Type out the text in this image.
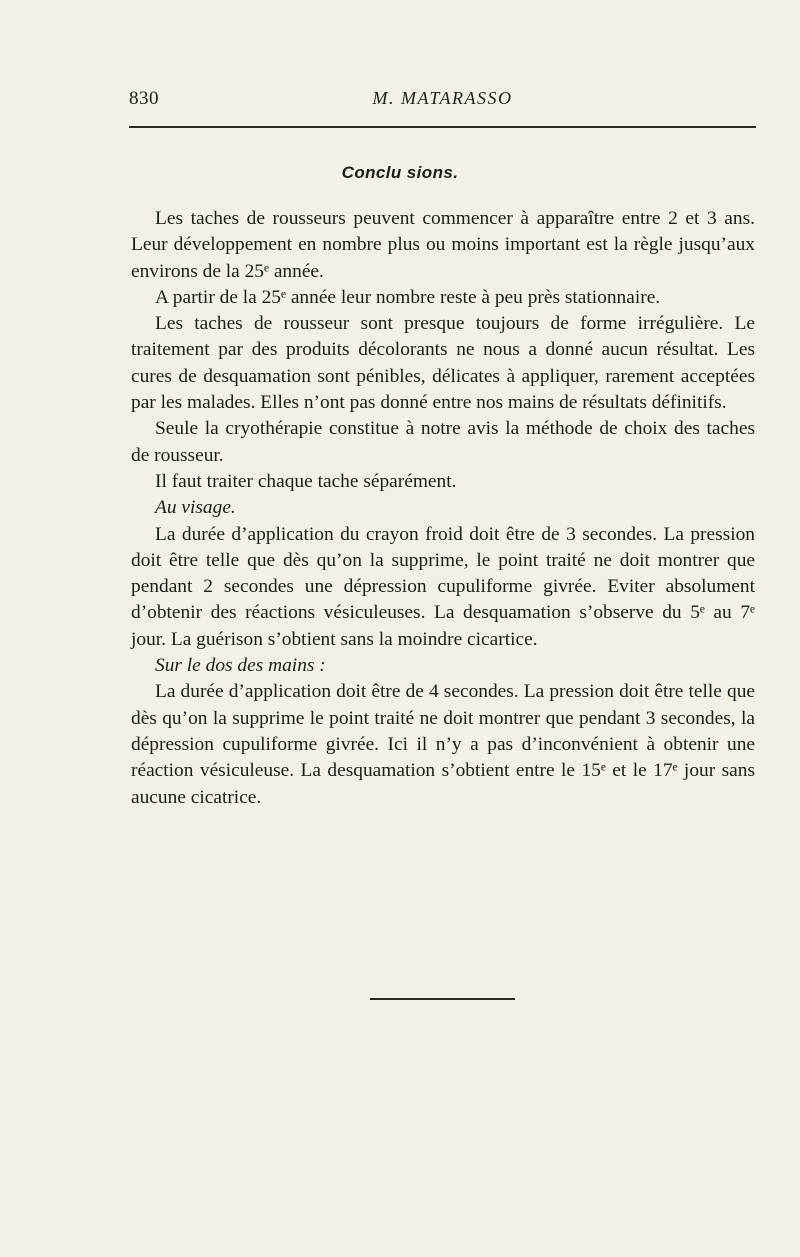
830	M. MATARASSO
Conclu sions.

Les taches de rousseurs peuvent commencer à apparaître entre 2 et 3 ans. Leur développement en nombre plus ou moins important est la règle jusqu’aux environs de la 25ᵉ année.

A partir de la 25ᵉ année leur nombre reste à peu près stationnaire.

Les taches de rousseur sont presque toujours de forme irrégulière. Le traitement par des produits décolorants ne nous a donné aucun résultat. Les cures de desquamation sont pénibles, délicates à appliquer, rarement acceptées par les malades. Elles n’ont pas donné entre nos mains de résultats définitifs.

Seule la cryothérapie constitue à notre avis la méthode de choix des taches de rousseur.

Il faut traiter chaque tache séparément.

Au visage.

La durée d’application du crayon froid doit être de 3 secondes. La pression doit être telle que dès qu’on la supprime, le point traité ne doit montrer que pendant 2 secondes une dépression cupuliforme givrée. Eviter absolument d’obtenir des réactions vésiculeuses. La desquamation s’observe du 5ᵉ au 7ᵉ jour. La guérison s’obtient sans la moindre cicartice.

Sur le dos des mains :

La durée d’application doit être de 4 secondes. La pression doit être telle que dès qu’on la supprime le point traité ne doit montrer que pendant 3 secondes, la dépression cupuliforme givrée. Ici il n’y a pas d’inconvénient à obtenir une réaction vésiculeuse. La desquamation s’obtient entre le 15ᵉ et le 17ᵉ jour sans aucune cicatrice.
